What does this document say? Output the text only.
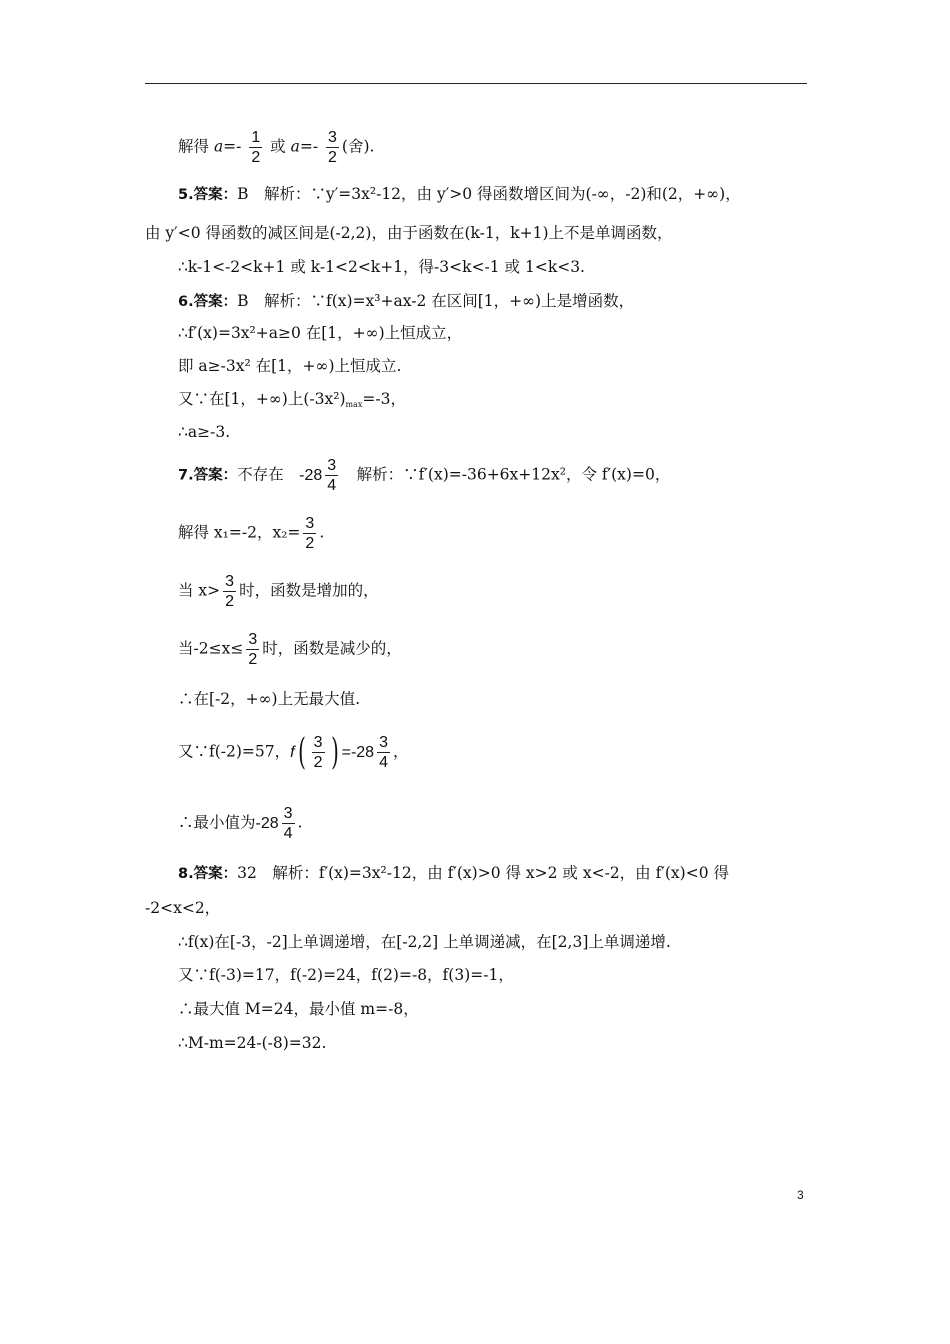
解得 $a=- \frac{1}{2}$ 或 $a=- \frac{3}{2}$ (舍).
5.答案：B　解析：∵y′=3x²-12，由 y′>0 得函数增区间为(-∞，-2)和(2，+∞)，
由 y′<0 得函数的减区间是(-2,2)，由于函数在(k-1，k+1)上不是单调函数，
∴k-1<-2<k+1 或 k-1<2<k+1，得-3<k<-1 或 1<k<3.
6.答案：B　解析：∵f(x)=x³+ax-2 在区间[1，+∞)上是增函数，
∴f′(x)=3x²+a≥0 在[1，+∞)上恒成立，
即 a≥-3x² 在[1，+∞)上恒成立.
又∵在[1，+∞)上$(-3x^2)_{max}=-3$，
∴a≥-3.
7.答案：不存在　$-28 \frac{3}{4}$ 　解析：∵f′(x)=-36+6x+12x²，令 f′(x)=0，
解得 x₁=-2，$x_2= \frac{3}{2}$ .
当 $x> \frac{3}{2}$ 时，函数是增加的，
当$-2\le x\le \frac{3}{2}$ 时，函数是减少的，
∴在[-2，+∞)上无最大值.
又∵f(-2)=57，$f( \frac{3}{2}$ ) $=-28 \frac{3}{4}$ ，
∴最小值为$-28 \frac{3}{4}$ .
8.答案：32　解析：f′(x)=3x²-12，由 f′(x)>0 得 x>2 或 x<-2，由 f′(x)<0 得
-2<x<2，
∴f(x)在[-3，-2]上单调递增，在[-2,2] 上单调递减，在[2,3]上单调递增.
又∵f(-3)=17，f(-2)=24，f(2)=-8，f(3)=-1，
∴最大值 M=24，最小值 m=-8，
∴M-m=24-(-8)=32.
3
